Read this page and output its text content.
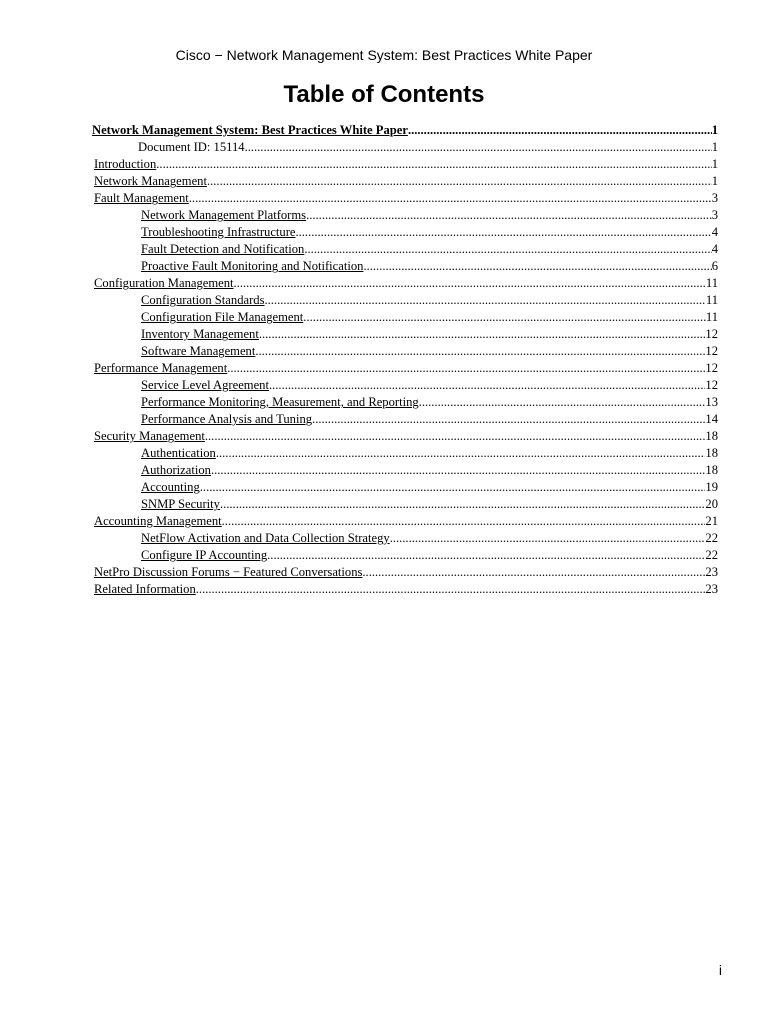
Cisco − Network Management System: Best Practices White Paper
Table of Contents
Network Management System: Best Practices White Paper .....	1
Document ID: 15114 .....	1
Introduction .....	1
Network Management .....	1
Fault Management .....	3
Network Management Platforms .....	3
Troubleshooting Infrastructure .....	4
Fault Detection and Notification .....	4
Proactive Fault Monitoring and Notification .....	6
Configuration Management .....	11
Configuration Standards .....	11
Configuration File Management .....	11
Inventory Management .....	12
Software Management .....	12
Performance Management .....	12
Service Level Agreement .....	12
Performance Monitoring, Measurement, and Reporting .....	13
Performance Analysis and Tuning .....	14
Security Management .....	18
Authentication .....	18
Authorization .....	18
Accounting .....	19
SNMP Security .....	20
Accounting Management .....	21
NetFlow Activation and Data Collection Strategy .....	22
Configure IP Accounting .....	22
NetPro Discussion Forums − Featured Conversations .....	23
Related Information .....	23
i
